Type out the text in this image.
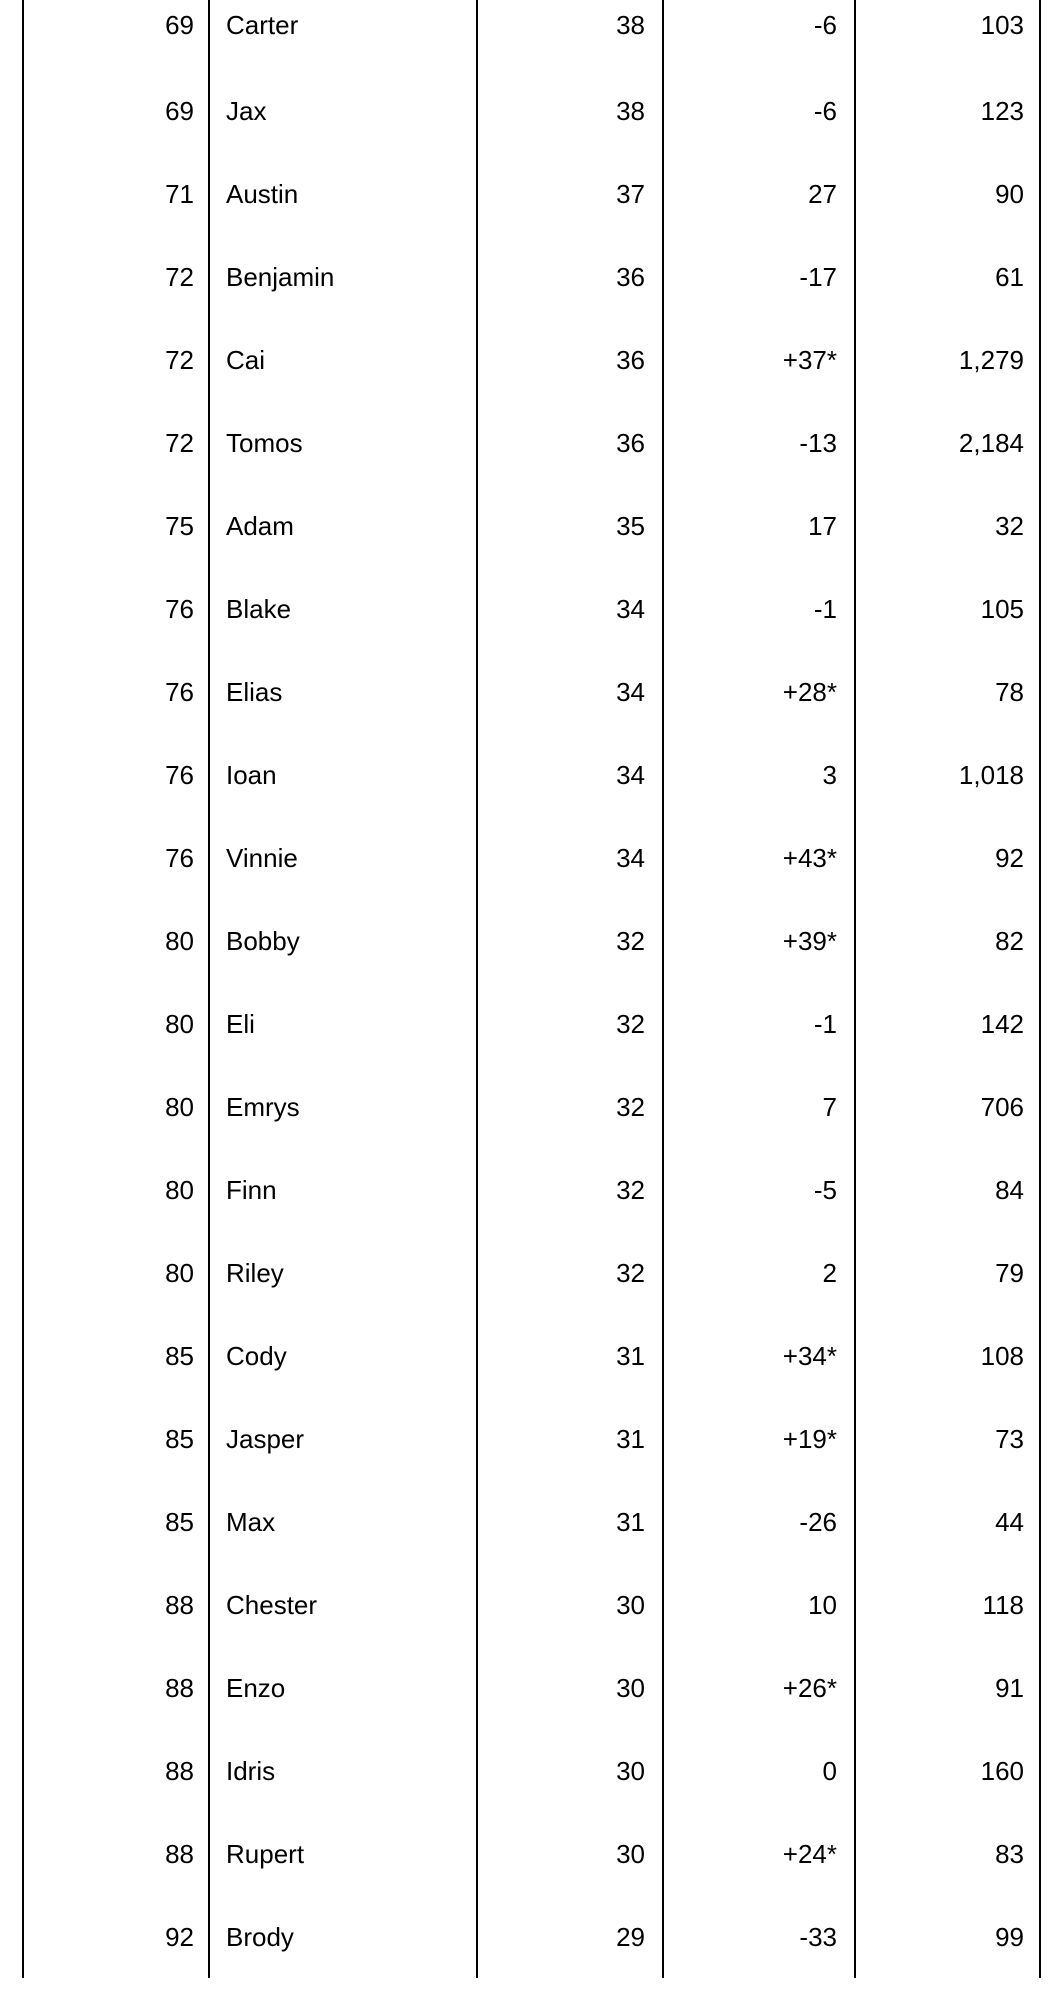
69	Carter	38	-6	103

69	Jax	38	-6	123

71	Austin	37	27	90

72	Benjamin	36	-17	61

72	Cai	36	+37*	1,279

72	Tomos	36	-13	2,184

75	Adam	35	17	32

76	Blake	34	-1	105

76	Elias	34	+28*	78

76	Ioan	34	3	1,018

76	Vinnie	34	+43*	92

80	Bobby	32	+39*	82

80	Eli	32	-1	142

80	Emrys	32	7	706

80	Finn	32	-5	84

80	Riley	32	2	79

85	Cody	31	+34*	108

85	Jasper	31	+19*	73

85	Max	31	-26	44

88	Chester	30	10	118

88	Enzo	30	+26*	91

88	Idris	30	0	160

88	Rupert	30	+24*	83

92	Brody	29	-33	99
